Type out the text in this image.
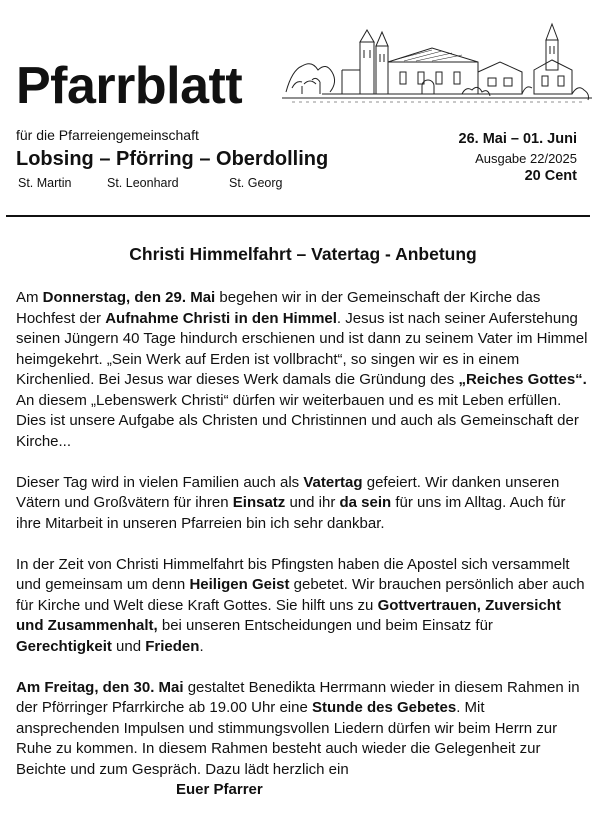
Pfarrblatt
für die Pfarreiengemeinschaft
Lobsing – Pförring – Oberdolling
St. Martin	St. Leonhard	St. Georg
26. Mai – 01. Juni
Ausgabe 22/2025
20 Cent
Christi Himmelfahrt – Vatertag - Anbetung

Am Donnerstag, den 29. Mai begehen wir in der Gemeinschaft der Kirche das Hochfest der Aufnahme Christi in den Himmel. Jesus ist nach seiner Auferstehung seinen Jüngern 40 Tage hindurch erschienen und ist dann zu seinem Vater im Himmel heimgekehrt. „Sein Werk auf Erden ist vollbracht“, so singen wir es in einem Kirchenlied. Bei Jesus war dieses Werk damals die Gründung des „Reiches Gottes“. An diesem „Lebenswerk Christi“ dürfen wir weiterbauen und es mit Leben erfüllen. Dies ist unsere Aufgabe als Christen und Christinnen und auch als Gemeinschaft der Kirche...

Dieser Tag wird in vielen Familien auch als Vatertag gefeiert. Wir danken unseren Vätern und Großvätern für ihren Einsatz und ihr da sein für uns im Alltag. Auch für ihre Mitarbeit in unseren Pfarreien bin ich sehr dankbar.

In der Zeit von Christi Himmelfahrt bis Pfingsten haben die Apostel sich versammelt und gemeinsam um denn Heiligen Geist gebetet. Wir brauchen persönlich aber auch für Kirche und Welt diese Kraft Gottes. Sie hilft uns zu Gottvertrauen, Zuversicht und Zusammenhalt, bei unseren Entscheidungen und beim Einsatz für Gerechtigkeit und Frieden.

Am Freitag, den 30. Mai gestaltet Benedikta Herrmann wieder in diesem Rahmen in der Pförringer Pfarrkirche ab 19.00 Uhr eine Stunde des Gebetes. Mit ansprechenden Impulsen und stimmungsvollen Liedern dürfen wir beim Herrn zur Ruhe zu kommen. In diesem Rahmen besteht auch wieder die Gelegenheit zur Beichte und zum Gespräch. Dazu lädt herzlich ein
Euer Pfarrer
